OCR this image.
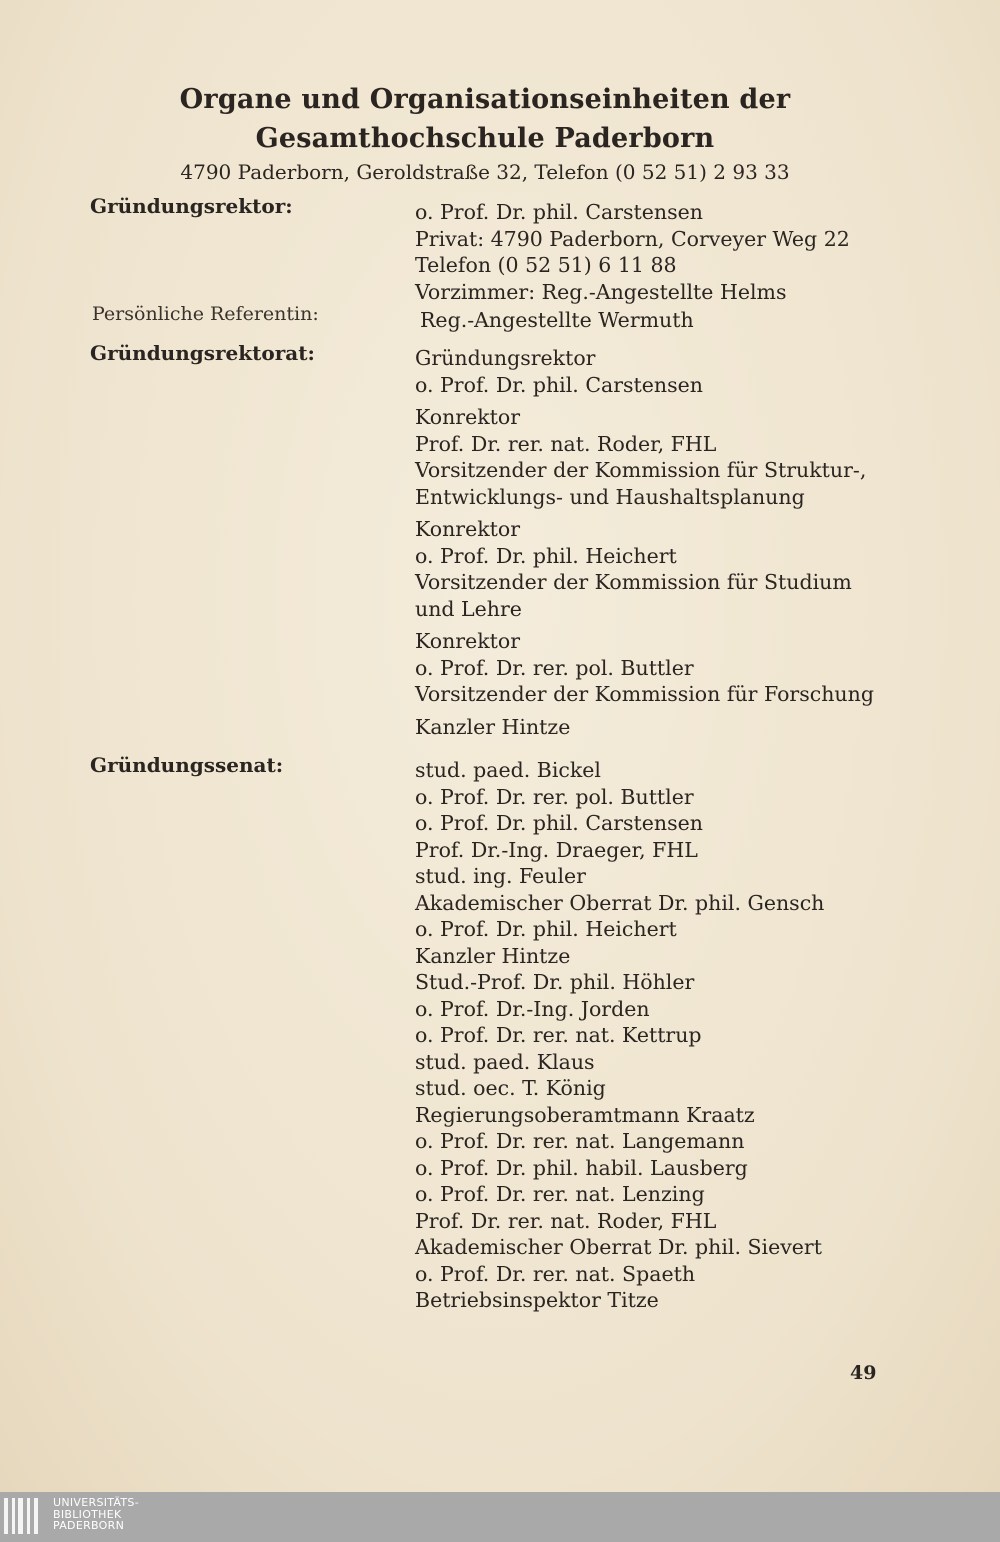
Organe und Organisationseinheiten der
Gesamthochschule Paderborn
4790 Paderborn, Geroldstraße 32, Telefon (0 52 51) 2 93 33
Gründungsrektor:	o. Prof. Dr. phil. Carstensen
Privat: 4790 Paderborn, Corveyer Weg 22
Telefon (0 52 51) 6 11 88
Vorzimmer: Reg.-Angestellte Helms
Persönliche Referentin:	Reg.-Angestellte Wermuth
Gründungsrektorat:	Gründungsrektor
o. Prof. Dr. phil. Carstensen
Konrektor
Prof. Dr. rer. nat. Roder, FHL
Vorsitzender der Kommission für Struktur-,
Entwicklungs- und Haushaltsplanung
Konrektor
o. Prof. Dr. phil. Heichert
Vorsitzender der Kommission für Studium
und Lehre
Konrektor
o. Prof. Dr. rer. pol. Buttler
Vorsitzender der Kommission für Forschung
Kanzler Hintze
Gründungssenat:	stud. paed. Bickel
o. Prof. Dr. rer. pol. Buttler
o. Prof. Dr. phil. Carstensen
Prof. Dr.-Ing. Draeger, FHL
stud. ing. Feuler
Akademischer Oberrat Dr. phil. Gensch
o. Prof. Dr. phil. Heichert
Kanzler Hintze
Stud.-Prof. Dr. phil. Höhler
o. Prof. Dr.-Ing. Jorden
o. Prof. Dr. rer. nat. Kettrup
stud. paed. Klaus
stud. oec. T. König
Regierungsoberamtmann Kraatz
o. Prof. Dr. rer. nat. Langemann
o. Prof. Dr. phil. habil. Lausberg
o. Prof. Dr. rer. nat. Lenzing
Prof. Dr. rer. nat. Roder, FHL
Akademischer Oberrat Dr. phil. Sievert
o. Prof. Dr. rer. nat. Spaeth
Betriebsinspektor Titze
49
UNIVERSITÄTS-
BIBLIOTHEK
PADERBORN
